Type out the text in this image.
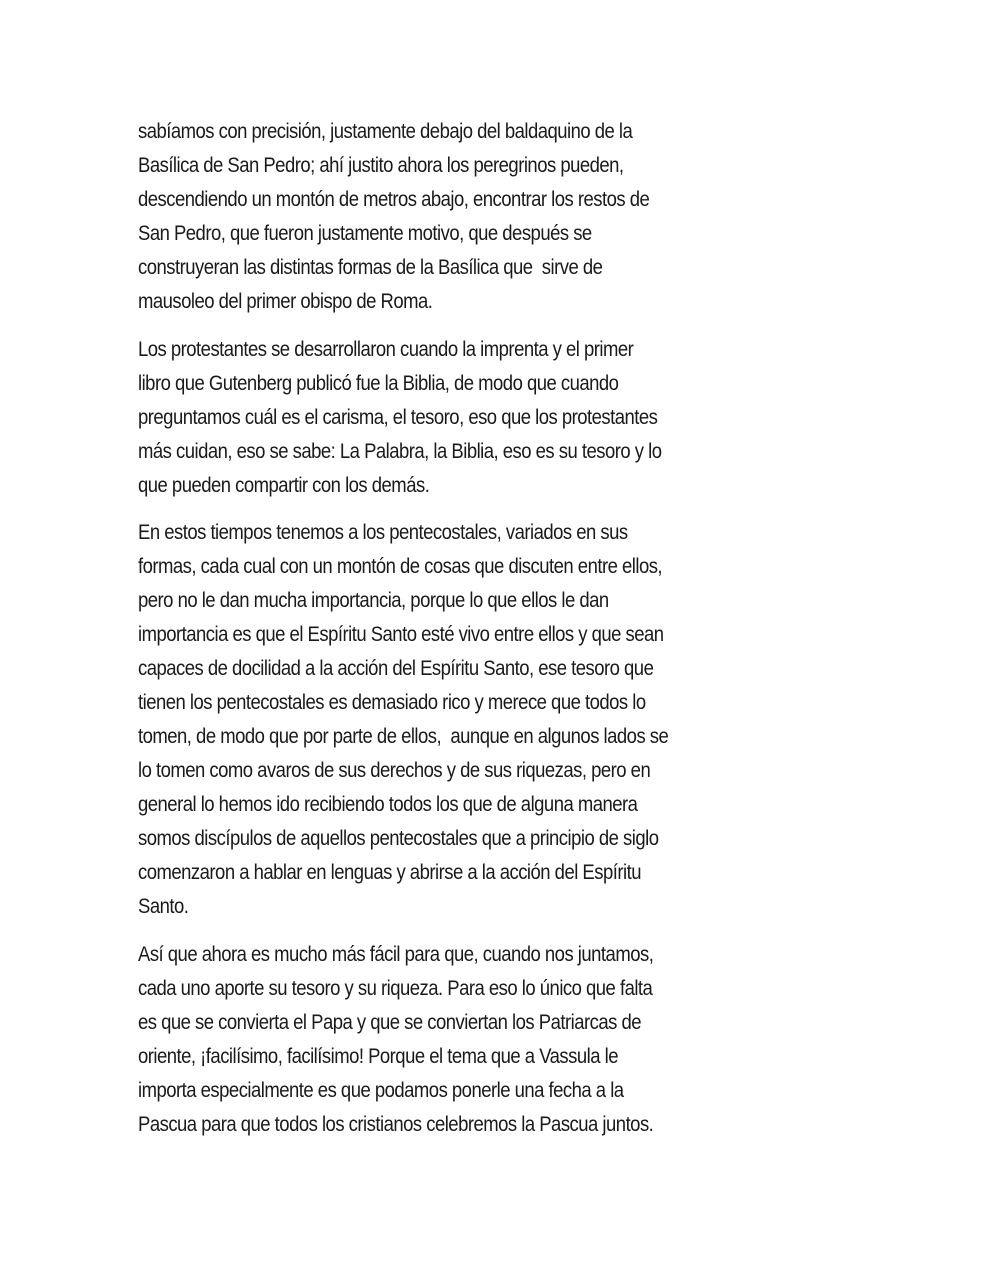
sabíamos con precisión, justamente debajo del baldaquino de la
Basílica de San Pedro; ahí justito ahora los peregrinos pueden,
descendiendo un montón de metros abajo, encontrar los restos de
San Pedro, que fueron justamente motivo, que después se
construyeran las distintas formas de la Basílica que  sirve de
mausoleo del primer obispo de Roma.
Los protestantes se desarrollaron cuando la imprenta y el primer
libro que Gutenberg publicó fue la Biblia, de modo que cuando
preguntamos cuál es el carisma, el tesoro, eso que los protestantes
más cuidan, eso se sabe: La Palabra, la Biblia, eso es su tesoro y lo
que pueden compartir con los demás.
En estos tiempos tenemos a los pentecostales, variados en sus
formas, cada cual con un montón de cosas que discuten entre ellos,
pero no le dan mucha importancia, porque lo que ellos le dan
importancia es que el Espíritu Santo esté vivo entre ellos y que sean
capaces de docilidad a la acción del Espíritu Santo, ese tesoro que
tienen los pentecostales es demasiado rico y merece que todos lo
tomen, de modo que por parte de ellos,  aunque en algunos lados se
lo tomen como avaros de sus derechos y de sus riquezas, pero en
general lo hemos ido recibiendo todos los que de alguna manera
somos discípulos de aquellos pentecostales que a principio de siglo
comenzaron a hablar en lenguas y abrirse a la acción del Espíritu
Santo.
Así que ahora es mucho más fácil para que, cuando nos juntamos,
cada uno aporte su tesoro y su riqueza. Para eso lo único que falta
es que se convierta el Papa y que se conviertan los Patriarcas de
oriente, ¡facilísimo, facilísimo! Porque el tema que a Vassula le
importa especialmente es que podamos ponerle una fecha a la
Pascua para que todos los cristianos celebremos la Pascua juntos.
